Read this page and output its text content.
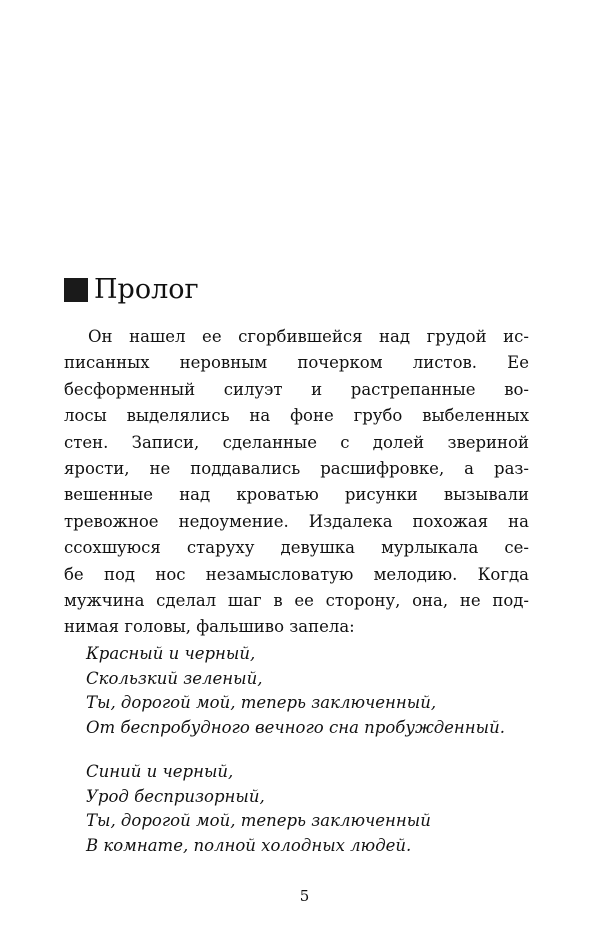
Пролог
Он нашел ее сгорбившейся над грудой ис-
писанных неровным почерком листов. Ее
бесформенный силуэт и растрепанные во-
лосы выделялись на фоне грубо выбеленных
стен. Записи, сделанные с долей звериной
ярости, не поддавались расшифровке, а раз-
вешенные над кроватью рисунки вызывали
тревожное недоумение. Издалека похожая на
ссохшуюся старуху девушка мурлыкала се-
бе под нос незамысловатую мелодию. Когда
мужчина сделал шаг в ее сторону, она, не под-
нимая головы, фальшиво запела:
Красный и черный,
Скользкий зеленый,
Ты, дорогой мой, теперь заключенный,
От беспробудного вечного сна пробужденный.
Синий и черный,
Урод беспризорный,
Ты, дорогой мой, теперь заключенный
В комнате, полной холодных людей.
5
